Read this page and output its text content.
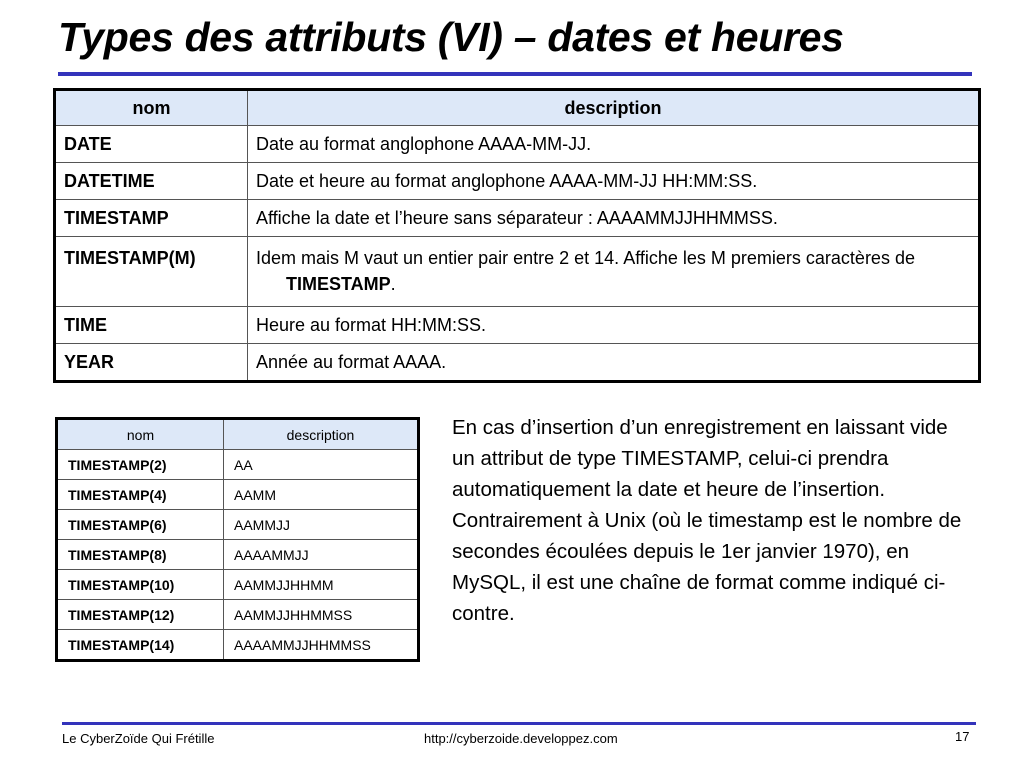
Types des attributs (VI) – dates et heures
nom	description
DATE	Date au format anglophone AAAA-MM-JJ.
DATETIME	Date et heure au format anglophone AAAA-MM-JJ HH:MM:SS.
TIMESTAMP	Affiche la date et l’heure sans séparateur : AAAAMMJJHHMMSS.
TIMESTAMP(M)	Idem mais M vaut un entier pair entre 2 et 14. Affiche les M premiers caractères de TIMESTAMP.

TIME	Heure au format HH:MM:SS.
YEAR	Année au format AAAA.
nom	description
TIMESTAMP(2)	AA
TIMESTAMP(4)	AAMM
TIMESTAMP(6)	AAMMJJ
TIMESTAMP(8)	AAAAMMJJ
TIMESTAMP(10)	AAMMJJHHMM
TIMESTAMP(12)	AAMMJJHHMMSS
TIMESTAMP(14)	AAAAMMJJHHMMSS

En cas d’insertion d’un enregistrement en laissant vide un attribut de type TIMESTAMP, celui-ci prendra automatiquement la date et heure de l’insertion. Contrairement à Unix (où le timestamp est le nombre de secondes écoulées depuis le 1er janvier 1970), en MySQL, il est une chaîne de format comme indiqué ci-contre.

Le CyberZoïde Qui Frétille	http://cyberzoide.developpez.com	17
